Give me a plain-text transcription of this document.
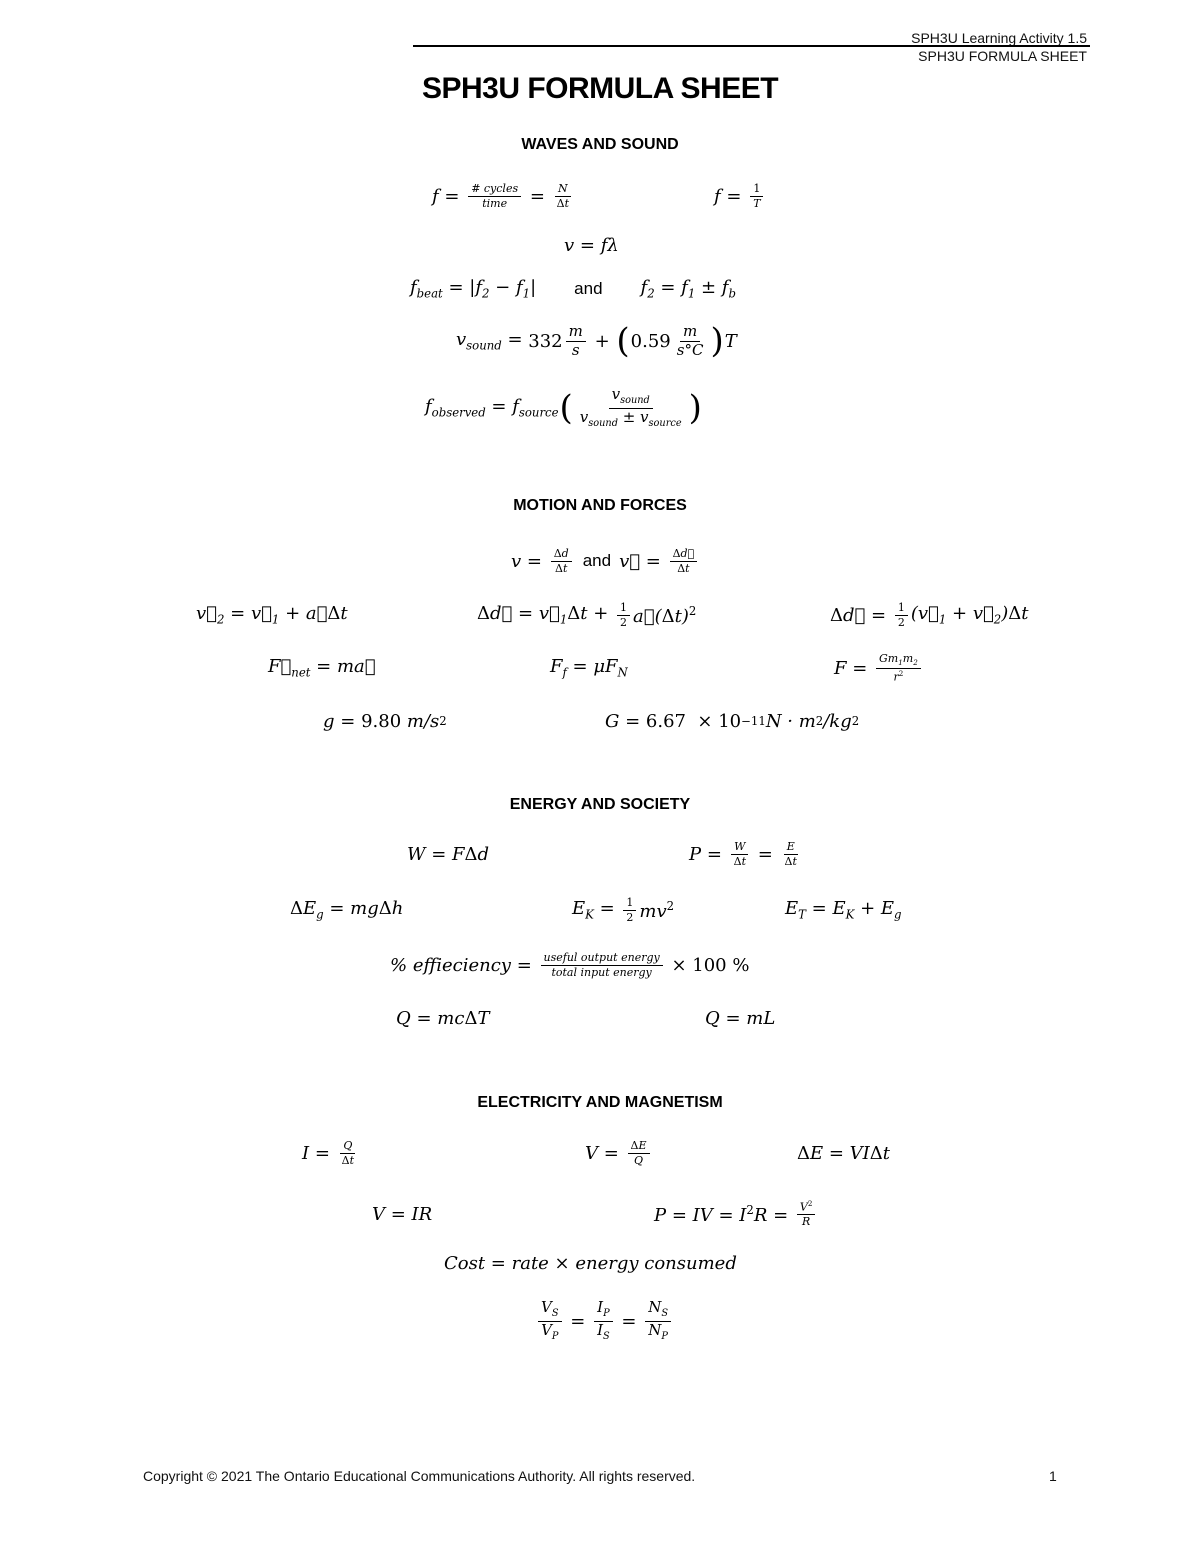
SPH3U Learning Activity 1.5
SPH3U FORMULA SHEET
SPH3U FORMULA SHEET
WAVES AND SOUND
$f = \frac{\text{\# cycles}}{\text{time}} = \frac{N}{\Delta t}$	$f = \frac{1}{T}$
v = fλ
$f_{beat} = |f_2 - f_1|$	and	$f_2 = f_1 \pm f_b$
$v_{sound} = 332 \frac{m}{s}$ + ( $0.59 \frac{m}{s^\circ C}$ ) T
$f_{observed} = f_{source}$ ( $\frac{v_{sound}}{v_{sound} \pm v_{source}}$ )
MOTION AND FORCES
$v = \frac{\Delta d}{\Delta t}$ and v⃗ = $\frac{\Delta d⃗}{\Delta t}$
$v⃗_2$ = $v⃗_1$ + a⃗Δt	Δd⃗ = $v⃗_1\Delta t + \frac{1}{2}$ $a⃗(\Delta t)^2$	Δd⃗ = $\frac{1}{2}$ ($v⃗_1$ + $v⃗_2)\Delta t$
$F⃗_{net}$ = ma⃗	$F_f = \mu F_N$	$F = \frac{Gm_1m_2}{r^2}$
g = 9.80
m/s 2	G = 6.67 × 10 −11 N · m 2 /kg 2
ENERGY AND SOCIETY
W = FΔd	$P = \frac{W}{\Delta t} = \frac{E}{\Delta t}$
$\Delta E_g = mg\Delta h$	$E_K = \frac{1}{2} mv^2$	$E_T = E_K + E_g$
% effieciency = $\frac{\text{useful output energy}}{\text{total input energy}}$
× 100 %
Q = mcΔT	Q = mL
ELECTRICITY AND MAGNETISM
$I = \frac{Q}{\Delta t}$	$V = \frac{\Delta E}{Q}$	ΔE = VIΔt
V = IR	P = IV = $I^2R = \frac{V^2}{R}$
Cost = rate × energy consumed
$\frac{V_S}{V_P} = \frac{I_P}{I_S} = \frac{N_S}{N_P}$
Copyright © 2021 The Ontario Educational Communications Authority. All rights reserved.	1
